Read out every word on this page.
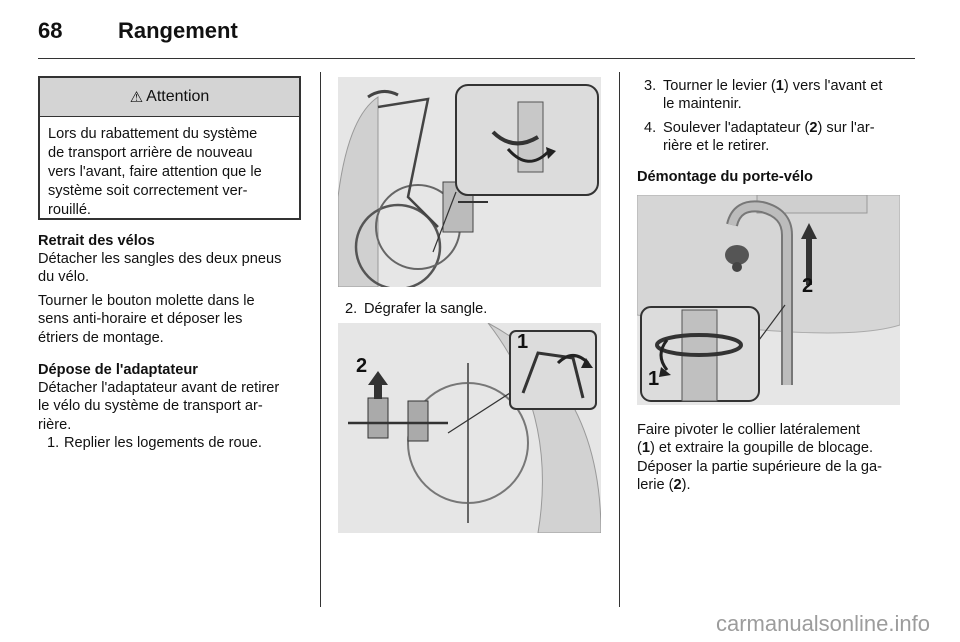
68	Rangement
⚠ Attention
Lors du rabattement du système
de transport arrière de nouveau
vers l'avant, faire attention que le
système soit correctement ver-
rouillé.
Retrait des vélos
Détacher les sangles des deux pneus
du vélo.
Tourner le bouton molette dans le
sens anti-horaire et déposer les
étriers de montage.
Dépose de l'adaptateur
Détacher l'adaptateur avant de retirer
le vélo du système de transport ar-
rière.
1. Replier les logements de roue.
2. Dégrafer la sangle.
2
1
3. Tourner le levier (1) vers l'avant et
le maintenir.
4. Soulever l'adaptateur (2) sur l'ar-
rière et le retirer.
Démontage du porte-vélo
1
2
Faire pivoter le collier latéralement
(1) et extraire la goupille de blocage.
Déposer la partie supérieure de la ga-
lerie (2).
carmanualsonline.info
